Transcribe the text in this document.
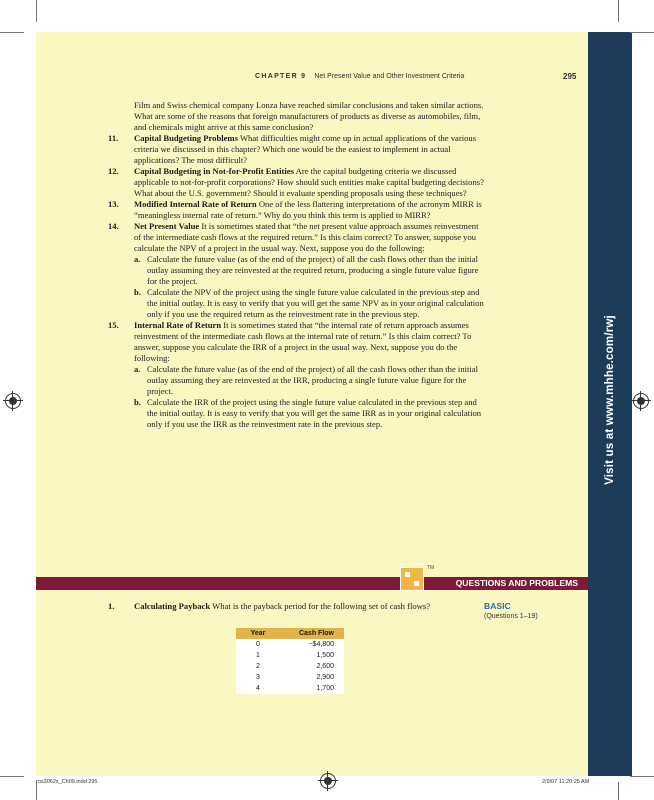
Visit us at www.mhhe.com/rwj
CHAPTER 9 Net Present Value and Other Investment Criteria	295

Film and Swiss chemical company Lonza have reached similar conclusions and taken similar actions. What are some of the reasons that foreign manufacturers of products as diverse as automobiles, film, and chemicals might arrive at this same conclusion?

11. Capital Budgeting Problems What difficulties might come up in actual applications of the various criteria we discussed in this chapter? Which one would be the easiest to implement in actual applications? The most difficult?
12. Capital Budgeting in Not-for-Profit Entities Are the capital budgeting criteria we discussed applicable to not-for-profit corporations? How should such entities make capital budgeting decisions? What about the U.S. government? Should it evaluate spending proposals using these techniques?
13. Modified Internal Rate of Return One of the less flattering interpretations of the acronym MIRR is “meaningless internal rate of return.” Why do you think this term is applied to MIRR?
14. Net Present Value It is sometimes stated that “the net present value approach assumes reinvestment of the intermediate cash flows at the required return.” Is this claim correct? To answer, suppose you calculate the NPV of a project in the usual way. Next, suppose you do the following:
a. Calculate the future value (as of the end of the project) of all the cash flows other than the initial outlay assuming they are reinvested at the required return, producing a single future value figure for the project.
b. Calculate the NPV of the project using the single future value calculated in the previous step and the initial outlay. It is easy to verify that you will get the same NPV as in your original calculation only if you use the required return as the reinvestment rate in the previous step.
15. Internal Rate of Return It is sometimes stated that “the internal rate of return approach assumes reinvestment of the intermediate cash flows at the internal rate of return.” Is this claim correct? To answer, suppose you calculate the IRR of a project in the usual way. Next, suppose you do the following:
a. Calculate the future value (as of the end of the project) of all the cash flows other than the initial outlay assuming they are reinvested at the IRR, producing a single future value figure for the project.
b. Calculate the IRR of the project using the single future value calculated in the previous step and the initial outlay. It is easy to verify that you will get the same IRR as in your original calculation only if you use the IRR as the reinvestment rate in the previous step.
QUESTIONS AND PROBLEMS
TM
1. Calculating Payback What is the payback period for the following set of cash flows?	BASIC
(Questions 1–19)
Year	Cash Flow
0	−$4,800
1	1,500
2	2,600
3	2,900
4	1,700
ros3062x_Ch09.indd 295	2/9/07 11:20:25 AM
